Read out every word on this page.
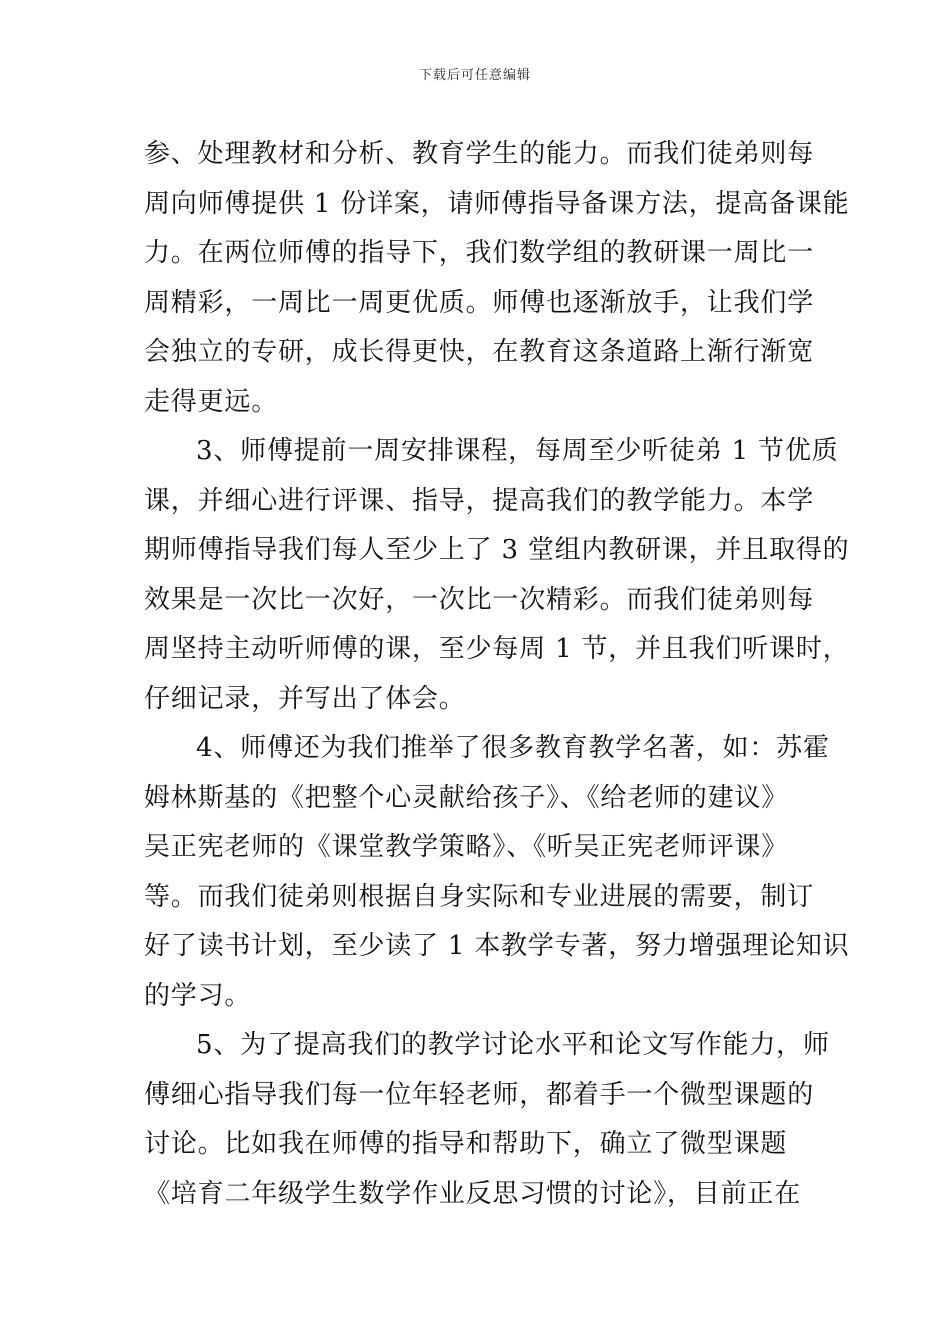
下载后可任意编辑
参、处理教材和分析、教育学生的能力。而我们徒弟则每
周向师傅提供 1 份详案，请师傅指导备课方法，提高备课能
力。在两位师傅的指导下，我们数学组的教研课一周比一
周精彩，一周比一周更优质。师傅也逐渐放手，让我们学
会独立的专研，成长得更快，在教育这条道路上渐行渐宽
走得更远。
3、师傅提前一周安排课程，每周至少听徒弟 1 节优质
课，并细心进行评课、指导，提高我们的教学能力。本学
期师傅指导我们每人至少上了 3 堂组内教研课，并且取得的
效果是一次比一次好，一次比一次精彩。而我们徒弟则每
周坚持主动听师傅的课，至少每周 1 节，并且我们听课时，
仔细记录，并写出了体会。
4、师傅还为我们推举了很多教育教学名著，如：苏霍
姆林斯基的《把整个心灵献给孩子》、《给老师的建议》
吴正宪老师的《课堂教学策略》、《听吴正宪老师评课》
等。而我们徒弟则根据自身实际和专业进展的需要，制订
好了读书计划，至少读了 1 本教学专著，努力增强理论知识
的学习。
5、为了提高我们的教学讨论水平和论文写作能力，师
傅细心指导我们每一位年轻老师，都着手一个微型课题的
讨论。比如我在师傅的指导和帮助下，确立了微型课题
《培育二年级学生数学作业反思习惯的讨论》，目前正在
